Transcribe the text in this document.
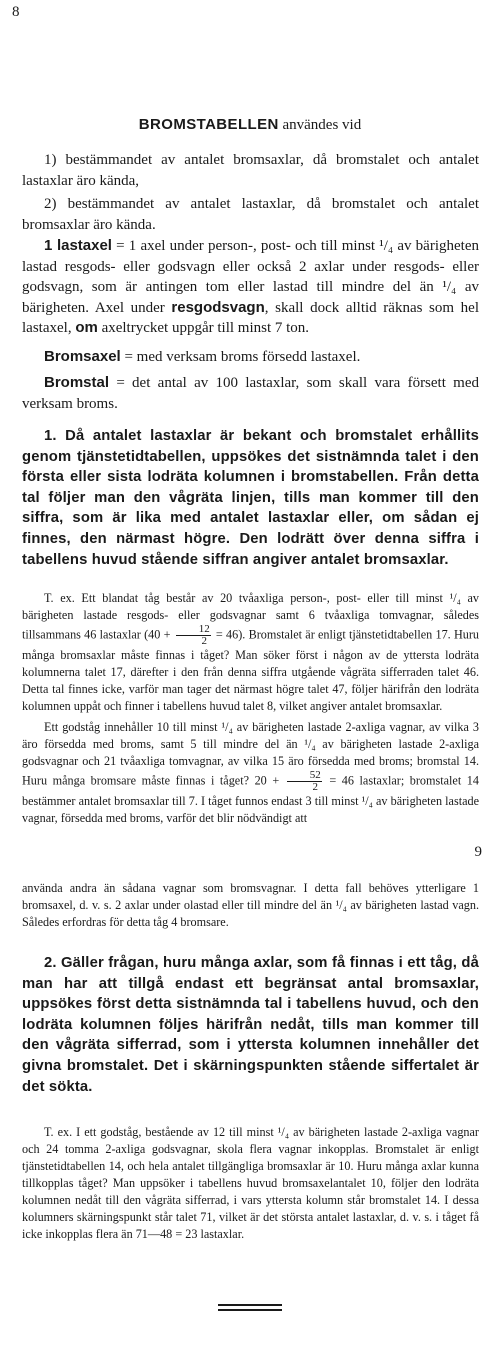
8
BROMSTABELLEN användes vid

1) bestämmandet av antalet bromsaxlar, då bromstalet och antalet lastaxlar äro kända,

2) bestämmandet av antalet lastaxlar, då bromstalet och antalet bromsaxlar äro kända.

1 lastaxel = 1 axel under person-, post- och till minst ¹/₄ av bärigheten lastad resgods- eller godsvagn eller också 2 axlar under resgods- eller godsvagn, som är antingen tom eller lastad till mindre del än ¹/₄ av bärigheten. Axel under resgodsvagn, skall dock alltid räknas som hel lastaxel, om axeltrycket uppgår till minst 7 ton.

Bromsaxel = med verksam broms försedd lastaxel.

Bromstal = det antal av 100 lastaxlar, som skall vara försett med verksam broms.

1. Då antalet lastaxlar är bekant och bromstalet erhållits genom tjänstetidtabellen, uppsökes det sistnämnda talet i den första eller sista lodräta kolumnen i bromstabellen. Från detta tal följer man den vågräta linjen, tills man kommer till den siffra, som är lika med antalet lastaxlar eller, om sådan ej finnes, den närmast högre. Den lodrätt över denna siffra i tabellens huvud stående siffran angiver antalet bromsaxlar.

T. ex. Ett blandat tåg består av 20 tvåaxliga person-, post- eller till minst ¹/₄ av bärigheten lastade resgods- eller godsvagnar samt 6 tvåaxliga tomvagnar, således tillsammans 46 lastaxlar $(40 + \frac{12}{2} = 46)$. Bromstalet är enligt tjänstetidtabellen 17. Huru många bromsaxlar måste finnas i tåget? Man söker först i någon av de yttersta lodräta kolumnerna talet 17, därefter i den från denna siffra utgående vågräta sifferraden talet 46. Detta tal finnes icke, varför man tager det närmast högre talet 47, följer härifrån den lodräta kolumnen uppåt och finner i tabellens huvud talet 8, vilket angiver antalet bromsaxlar.

Ett godståg innehåller 10 till minst ¹/₄ av bärigheten lastade 2-axliga vagnar, av vilka 3 äro försedda med broms, samt 5 till mindre del än ¹/₄ av bärigheten lastade 2-axliga godsvagnar och 21 tvåaxliga tomvagnar, av vilka 15 äro försedda med broms; bromstal 14. Huru många bromsare måste finnas i tåget? $20 + \frac{52}{2} = 46$ lastaxlar; bromstalet 14 bestämmer antalet bromsaxlar till 7. I tåget funnos endast 3 till minst ¹/₄ av bärigheten lastade vagnar, försedda med broms, varför det blir nödvändigt att

9

använda andra än sådana vagnar som bromsvagnar. I detta fall behöves ytterligare 1 bromsaxel, d. v. s. 2 axlar under olastad eller till mindre del än ¹/₄ av bärigheten lastad vagn. Således erfordras för detta tåg 4 bromsare.

2. Gäller frågan, huru många axlar, som få finnas i ett tåg, då man har att tillgå endast ett begränsat antal bromsaxlar, uppsökes först detta sistnämnda tal i tabellens huvud, och den lodräta kolumnen följes härifrån nedåt, tills man kommer till den vågräta sifferrad, som i yttersta kolumnen innehåller det givna bromstalet. Det i skärningspunkten stående siffertalet är det sökta.

T. ex. I ett godståg, bestående av 12 till minst ¹/₄ av bärigheten lastade 2-axliga vagnar och 24 tomma 2-axliga godsvagnar, skola flera vagnar inkopplas. Bromstalet är enligt tjänstetidtabellen 14, och hela antalet tillgängliga bromsaxlar är 10. Huru många axlar kunna tillkopplas tåget? Man uppsöker i tabellens huvud bromsaxelantalet 10, följer den lodräta kolumnen nedåt till den vågräta sifferrad, i vars yttersta kolumn står bromstalet 14. I dessa kolumners skärningspunkt står talet 71, vilket är det största antalet lastaxlar, d. v. s. i tåget få icke inkopplas flera än 71—48 = 23 lastaxlar.
